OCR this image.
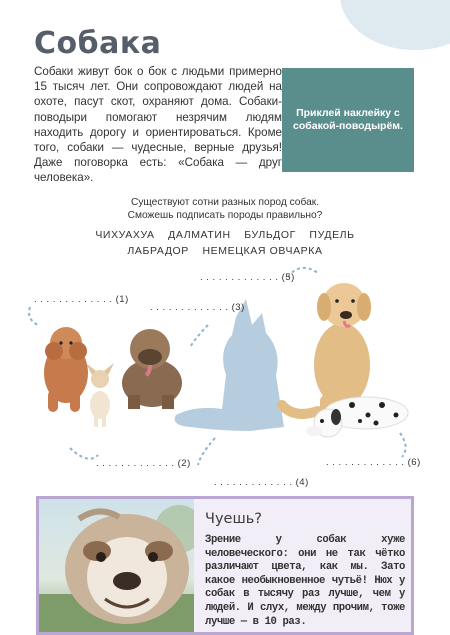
Собака
Собаки живут бок о бок с людьми примерно 15 тысяч лет. Они сопровождают людей на охоте, пасут скот, охраняют дома. Собаки-поводыри помогают незрячим людям находить дорогу и ориентироваться. Кроме того, собаки — чудесные, верные друзья! Даже поговорка есть: «Собака — друг человека».
Приклей наклейку с собакой-поводырём.
Существуют сотни разных пород собак.
Сможешь подписать породы правильно?
ЧИХУАХУА ДАЛМАТИН БУЛЬДОГ ПУДЕЛЬ
ЛАБРАДОР НЕМЕЦКАЯ ОВЧАРКА
. . . . . . . . . . . . . (1)
. . . . . . . . . . . . . (2)
. . . . . . . . . . . . . (3)
. . . . . . . . . . . . . (4)
. . . . . . . . . . . . . (5)
. . . . . . . . . . . . . (6)
Чуешь?
Зрение у собак хуже человеческого: они не так чётко различают цвета, как мы. Зато какое необыкновенное чутьё! Нюх у собак в тысячу раз лучше, чем у людей. И слух, между прочим, тоже лучше — в 10 раз.
